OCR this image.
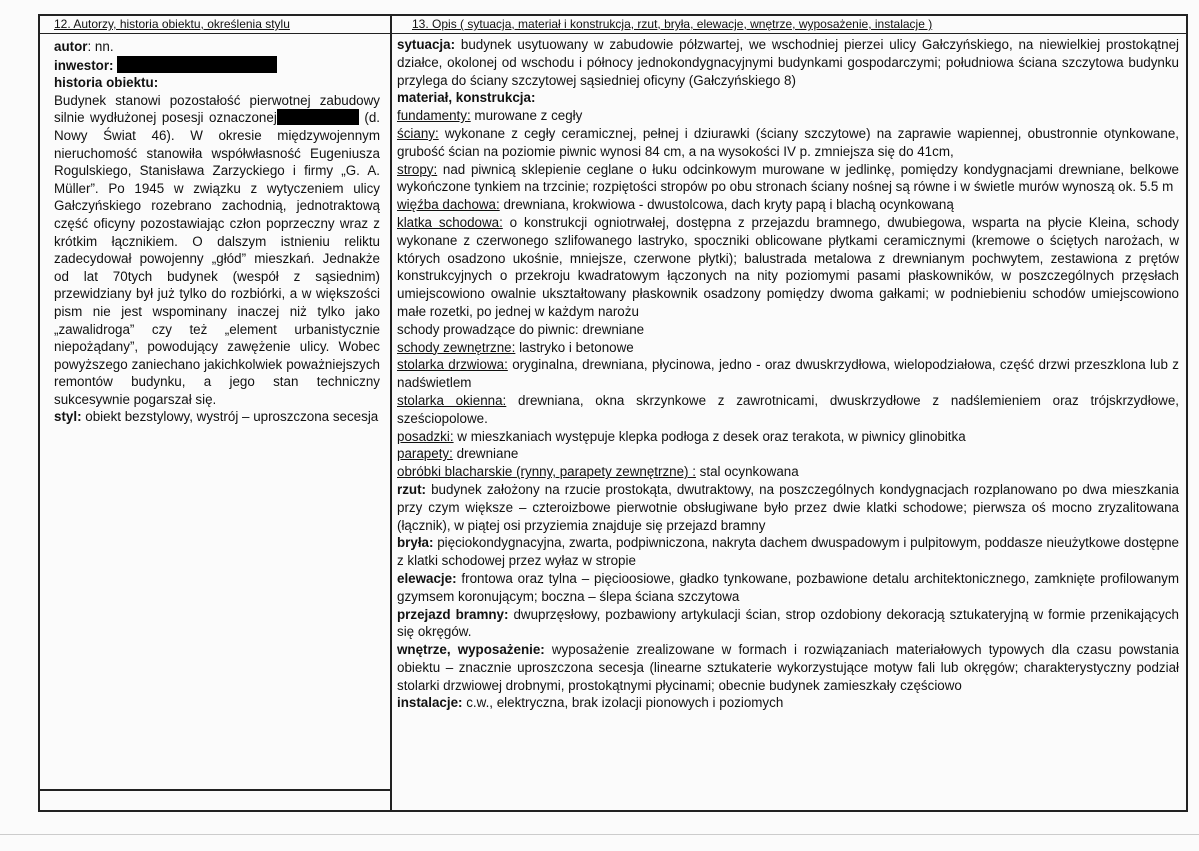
12. Autorzy, historia obiektu, określenia stylu	13. Opis ( sytuacja, materiał i konstrukcja, rzut, bryła, elewacje, wnętrze, wyposażenie, instalacje )

autor: nn.

inwestor:

historia obiektu:

Budynek stanowi pozostałość pierwotnej zabudowy silnie wydłużonej posesji oznaczonej	(d. Nowy Świat 46). W okresie międzywojennym nieruchomość stanowiła współwłasność Eugeniusza Rogulskiego, Stanisława Zarzyckiego i firmy „G. A. Müller”. Po 1945 w związku z wytyczeniem ulicy Gałczyńskiego rozebrano zachodnią, jednotraktową część oficyny pozostawiając człon poprzeczny wraz z krótkim łącznikiem. O dalszym istnieniu reliktu zadecydował powojenny „głód” mieszkań. Jednakże od lat 70tych budynek (wespół z sąsiednim) przewidziany był już tylko do rozbiórki, a w większości pism nie jest wspominany inaczej niż tylko jako „zawalidroga” czy też „element urbanistycznie niepożądany”, powodujący zawężenie ulicy. Wobec powyższego zaniechano jakichkolwiek poważniejszych remontów budynku, a jego stan techniczny sukcesywnie pogarszał się.

styl: obiekt bezstylowy, wystrój – uproszczona secesja

sytuacja: budynek usytuowany w zabudowie półzwartej, we wschodniej pierzei ulicy Gałczyńskiego, na niewielkiej prostokątnej działce, okolonej od wschodu i północy jednokondygnacyjnymi budynkami gospodarczymi; południowa ściana szczytowa budynku przylega do ściany szczytowej sąsiedniej oficyny (Gałczyńskiego 8)

materiał, konstrukcja:

fundamenty: murowane z cegły

ściany: wykonane z cegły ceramicznej, pełnej i dziurawki (ściany szczytowe) na zaprawie wapiennej, obustronnie otynkowane, grubość ścian na poziomie piwnic wynosi 84 cm, a na wysokości IV p. zmniejsza się do 41cm,

stropy: nad piwnicą sklepienie ceglane o łuku odcinkowym murowane w jedlinkę, pomiędzy kondygnacjami drewniane, belkowe wykończone tynkiem na trzcinie; rozpiętości stropów po obu stronach ściany nośnej są równe i w świetle murów wynoszą ok. 5.5 m

więźba dachowa: drewniana, krokwiowa - dwustolcowa, dach kryty papą i blachą ocynkowaną

klatka schodowa: o konstrukcji ogniotrwałej, dostępna z przejazdu bramnego, dwubiegowa, wsparta na płycie Kleina, schody wykonane z czerwonego szlifowanego lastryko, spoczniki oblicowane płytkami ceramicznymi (kremowe o ściętych narożach, w których osadzono ukośnie, mniejsze, czerwone płytki); balustrada metalowa z drewnianym pochwytem, zestawiona z prętów konstrukcyjnych o przekroju kwadratowym łączonych na nity poziomymi pasami płaskowników, w poszczególnych przęsłach umiejscowiono owalnie ukształtowany płaskownik osadzony pomiędzy dwoma gałkami; w podniebieniu schodów umiejscowiono małe rozetki, po jednej w każdym narożu

schody prowadzące do piwnic: drewniane

schody zewnętrzne: lastryko i betonowe

stolarka drzwiowa: oryginalna, drewniana, płycinowa, jedno - oraz dwuskrzydłowa, wielopodziałowa, część drzwi przeszklona lub z nadświetlem

stolarka okienna: drewniana, okna skrzynkowe z zawrotnicami, dwuskrzydłowe z nadślemieniem oraz trójskrzydłowe, sześciopolowe.

posadzki: w mieszkaniach występuje klepka podłoga z desek oraz terakota, w piwnicy glinobitka

parapety: drewniane

obróbki blacharskie (rynny, parapety zewnętrzne) : stal ocynkowana

rzut: budynek założony na rzucie prostokąta, dwutraktowy, na poszczególnych kondygnacjach rozplanowano po dwa mieszkania przy czym większe – czteroizbowe pierwotnie obsługiwane było przez dwie klatki schodowe; pierwsza oś mocno zryzalitowana (łącznik), w piątej osi przyziemia znajduje się przejazd bramny

bryła: pięciokondygnacyjna, zwarta, podpiwniczona, nakryta dachem dwuspadowym i pulpitowym, poddasze nieużytkowe dostępne z klatki schodowej przez wyłaz w stropie

elewacje: frontowa oraz tylna – pięcioosiowe, gładko tynkowane, pozbawione detalu architektonicznego, zamknięte profilowanym gzymsem koronującym; boczna – ślepa ściana szczytowa

przejazd bramny: dwuprzęsłowy, pozbawiony artykulacji ścian, strop ozdobiony dekoracją sztukateryjną w formie przenikających się okręgów.

wnętrze, wyposażenie: wyposażenie zrealizowane w formach i rozwiązaniach materiałowych typowych dla czasu powstania obiektu – znacznie uproszczona secesja (linearne sztukaterie wykorzystujące motyw fali lub okręgów; charakterystyczny podział stolarki drzwiowej drobnymi, prostokątnymi płycinami; obecnie budynek zamieszkały częściowo

instalacje: c.w., elektryczna, brak izolacji pionowych i poziomych
